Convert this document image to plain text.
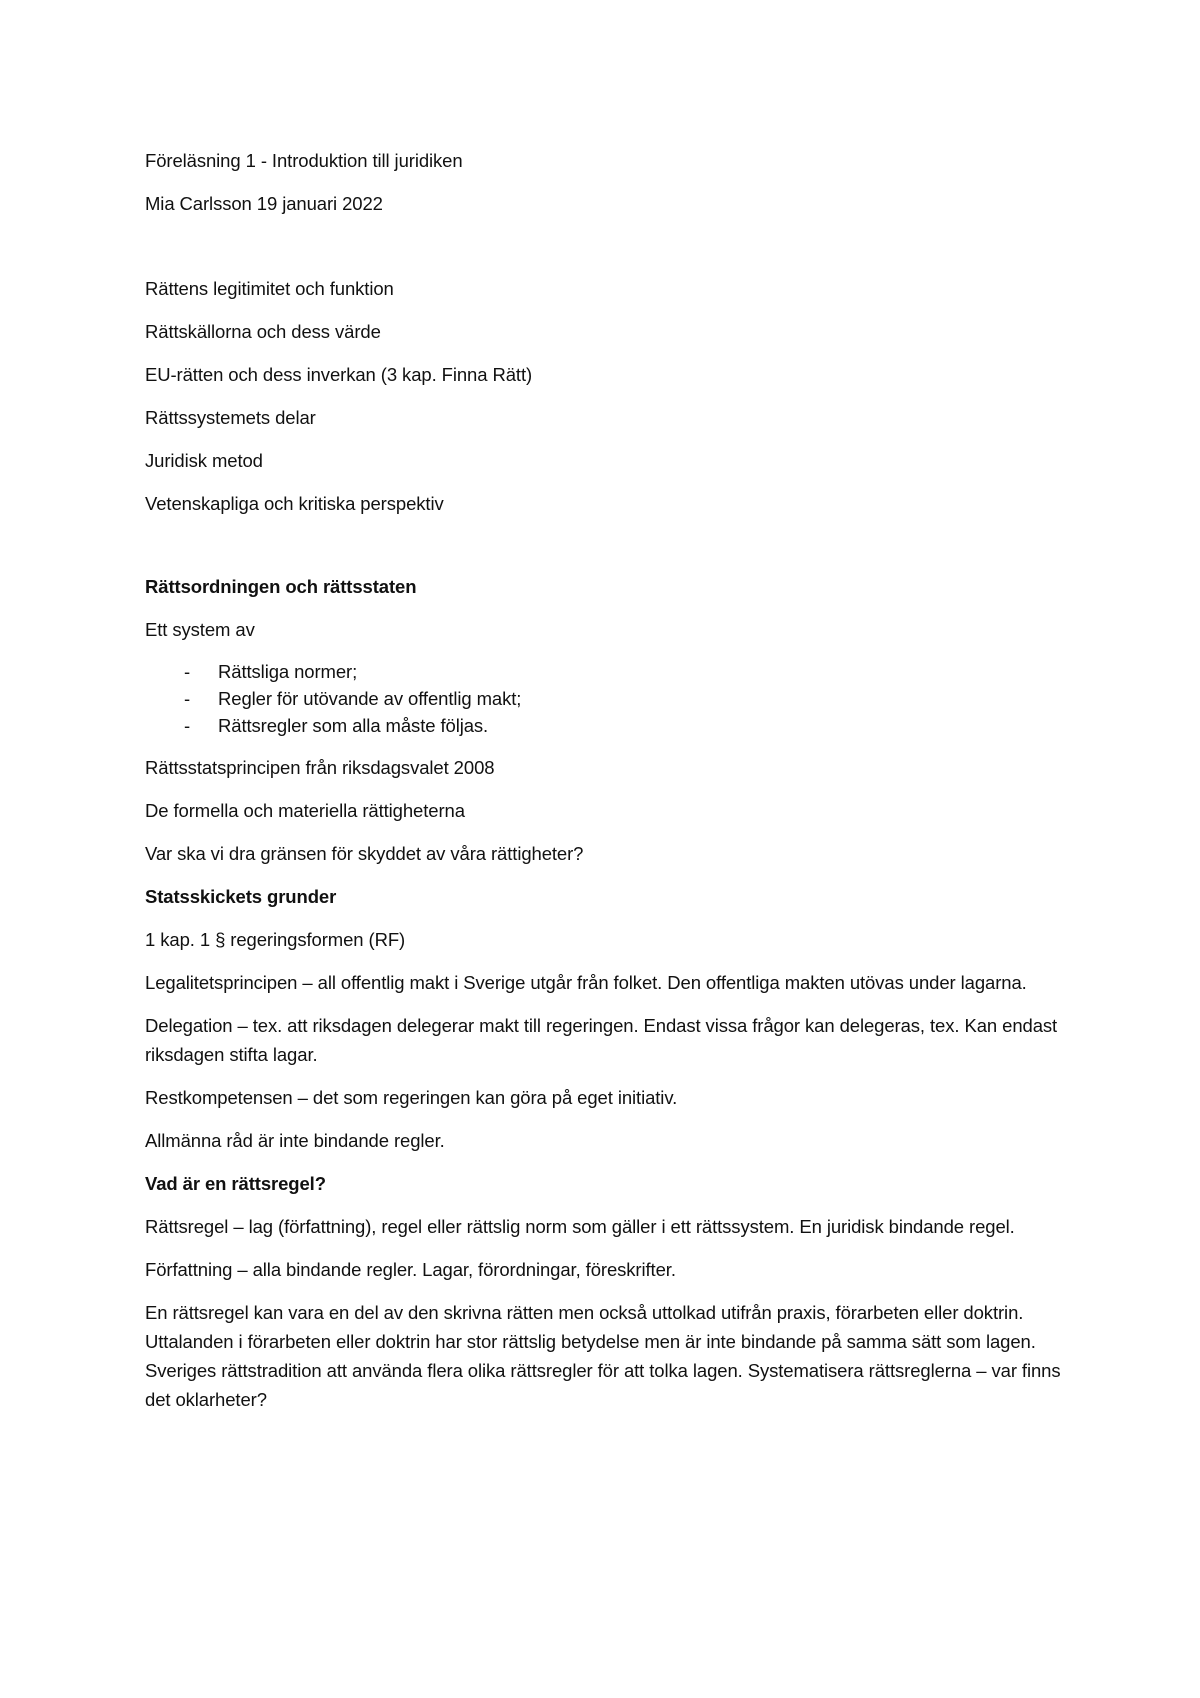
Föreläsning 1 - Introduktion till juridiken

Mia Carlsson 19 januari 2022

Rättens legitimitet och funktion

Rättskällorna och dess värde

EU-rätten och dess inverkan (3 kap. Finna Rätt)

Rättssystemets delar

Juridisk metod

Vetenskapliga och kritiska perspektiv

Rättsordningen och rättsstaten

Ett system av

- Rättsliga normer;
- Regler för utövande av offentlig makt;
- Rättsregler som alla måste följas.

Rättsstatsprincipen från riksdagsvalet 2008

De formella och materiella rättigheterna

Var ska vi dra gränsen för skyddet av våra rättigheter?

Statsskickets grunder

1 kap. 1 § regeringsformen (RF)

Legalitetsprincipen – all offentlig makt i Sverige utgår från folket. Den offentliga makten utövas under lagarna.

Delegation – tex. att riksdagen delegerar makt till regeringen. Endast vissa frågor kan delegeras, tex. Kan endast riksdagen stifta lagar.

Restkompetensen – det som regeringen kan göra på eget initiativ.

Allmänna råd är inte bindande regler.

Vad är en rättsregel?

Rättsregel – lag (författning), regel eller rättslig norm som gäller i ett rättssystem. En juridisk bindande regel.

Författning – alla bindande regler. Lagar, förordningar, föreskrifter.

En rättsregel kan vara en del av den skrivna rätten men också uttolkad utifrån praxis, förarbeten eller doktrin. Uttalanden i förarbeten eller doktrin har stor rättslig betydelse men är inte bindande på samma sätt som lagen. Sveriges rättstradition att använda flera olika rättsregler för att tolka lagen. Systematisera rättsreglerna – var finns det oklarheter?
